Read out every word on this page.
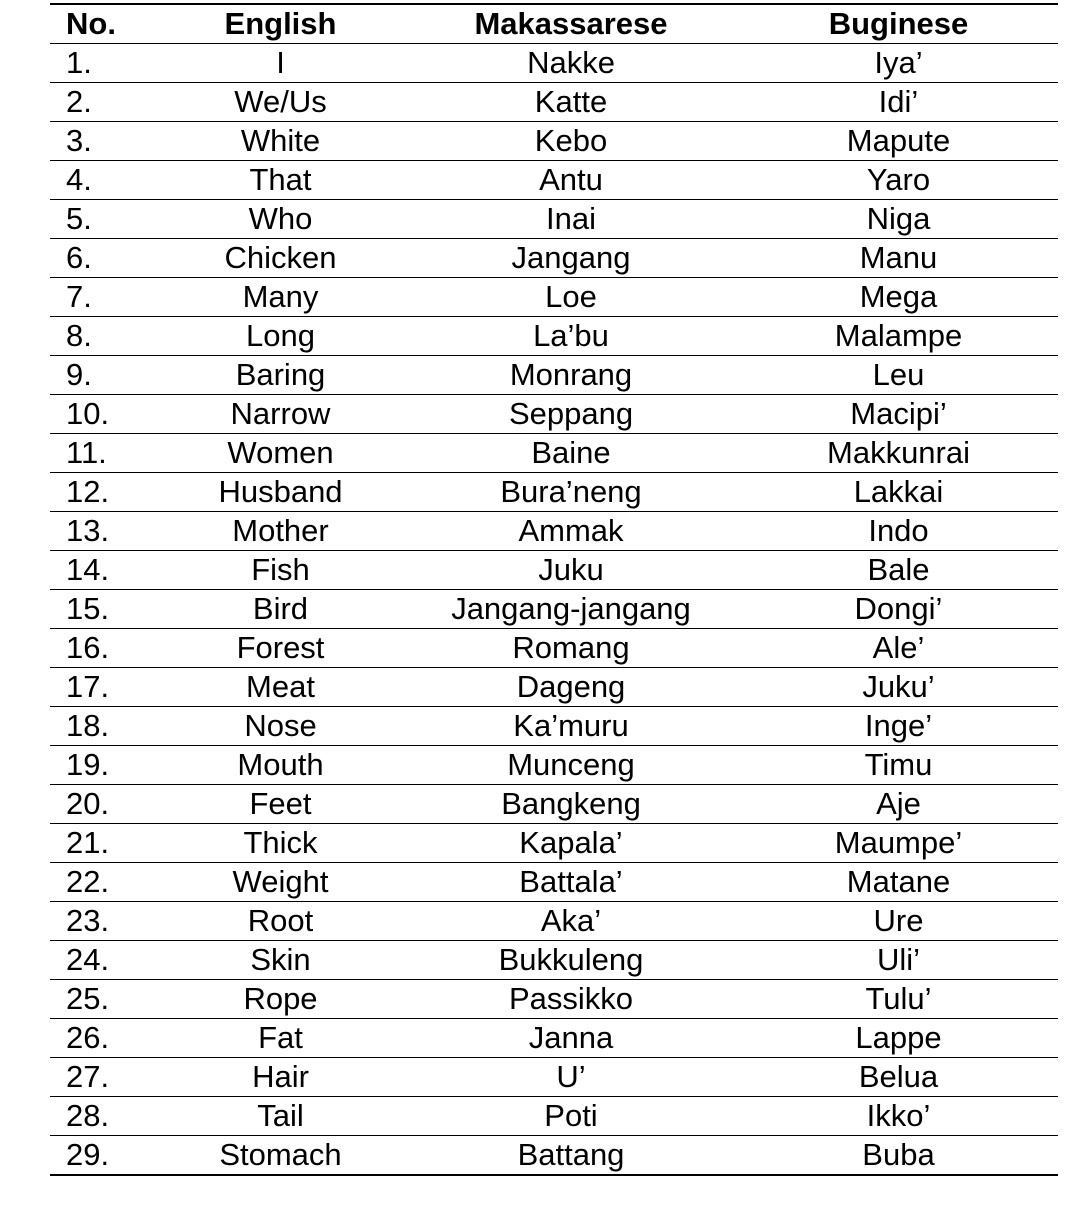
No.	English	Makassarese	Buginese
1.	I	Nakke	Iya’
2.	We/Us	Katte	Idi’
3.	White	Kebo	Mapute
4.	That	Antu	Yaro
5.	Who	Inai	Niga
6.	Chicken	Jangang	Manu
7.	Many	Loe	Mega
8.	Long	La’bu	Malampe
9.	Baring	Monrang	Leu
10.	Narrow	Seppang	Macipi’
11.	Women	Baine	Makkunrai
12.	Husband	Bura’neng	Lakkai
13.	Mother	Ammak	Indo
14.	Fish	Juku	Bale
15.	Bird	Jangang-jangang	Dongi’
16.	Forest	Romang	Ale’
17.	Meat	Dageng	Juku’
18.	Nose	Ka’muru	Inge’
19.	Mouth	Munceng	Timu
20.	Feet	Bangkeng	Aje
21.	Thick	Kapala’	Maumpe’
22.	Weight	Battala’	Matane
23.	Root	Aka’	Ure
24.	Skin	Bukkuleng	Uli’
25.	Rope	Passikko	Tulu’
26.	Fat	Janna	Lappe
27.	Hair	U’	Belua
28.	Tail	Poti	Ikko’
29.	Stomach	Battang	Buba
